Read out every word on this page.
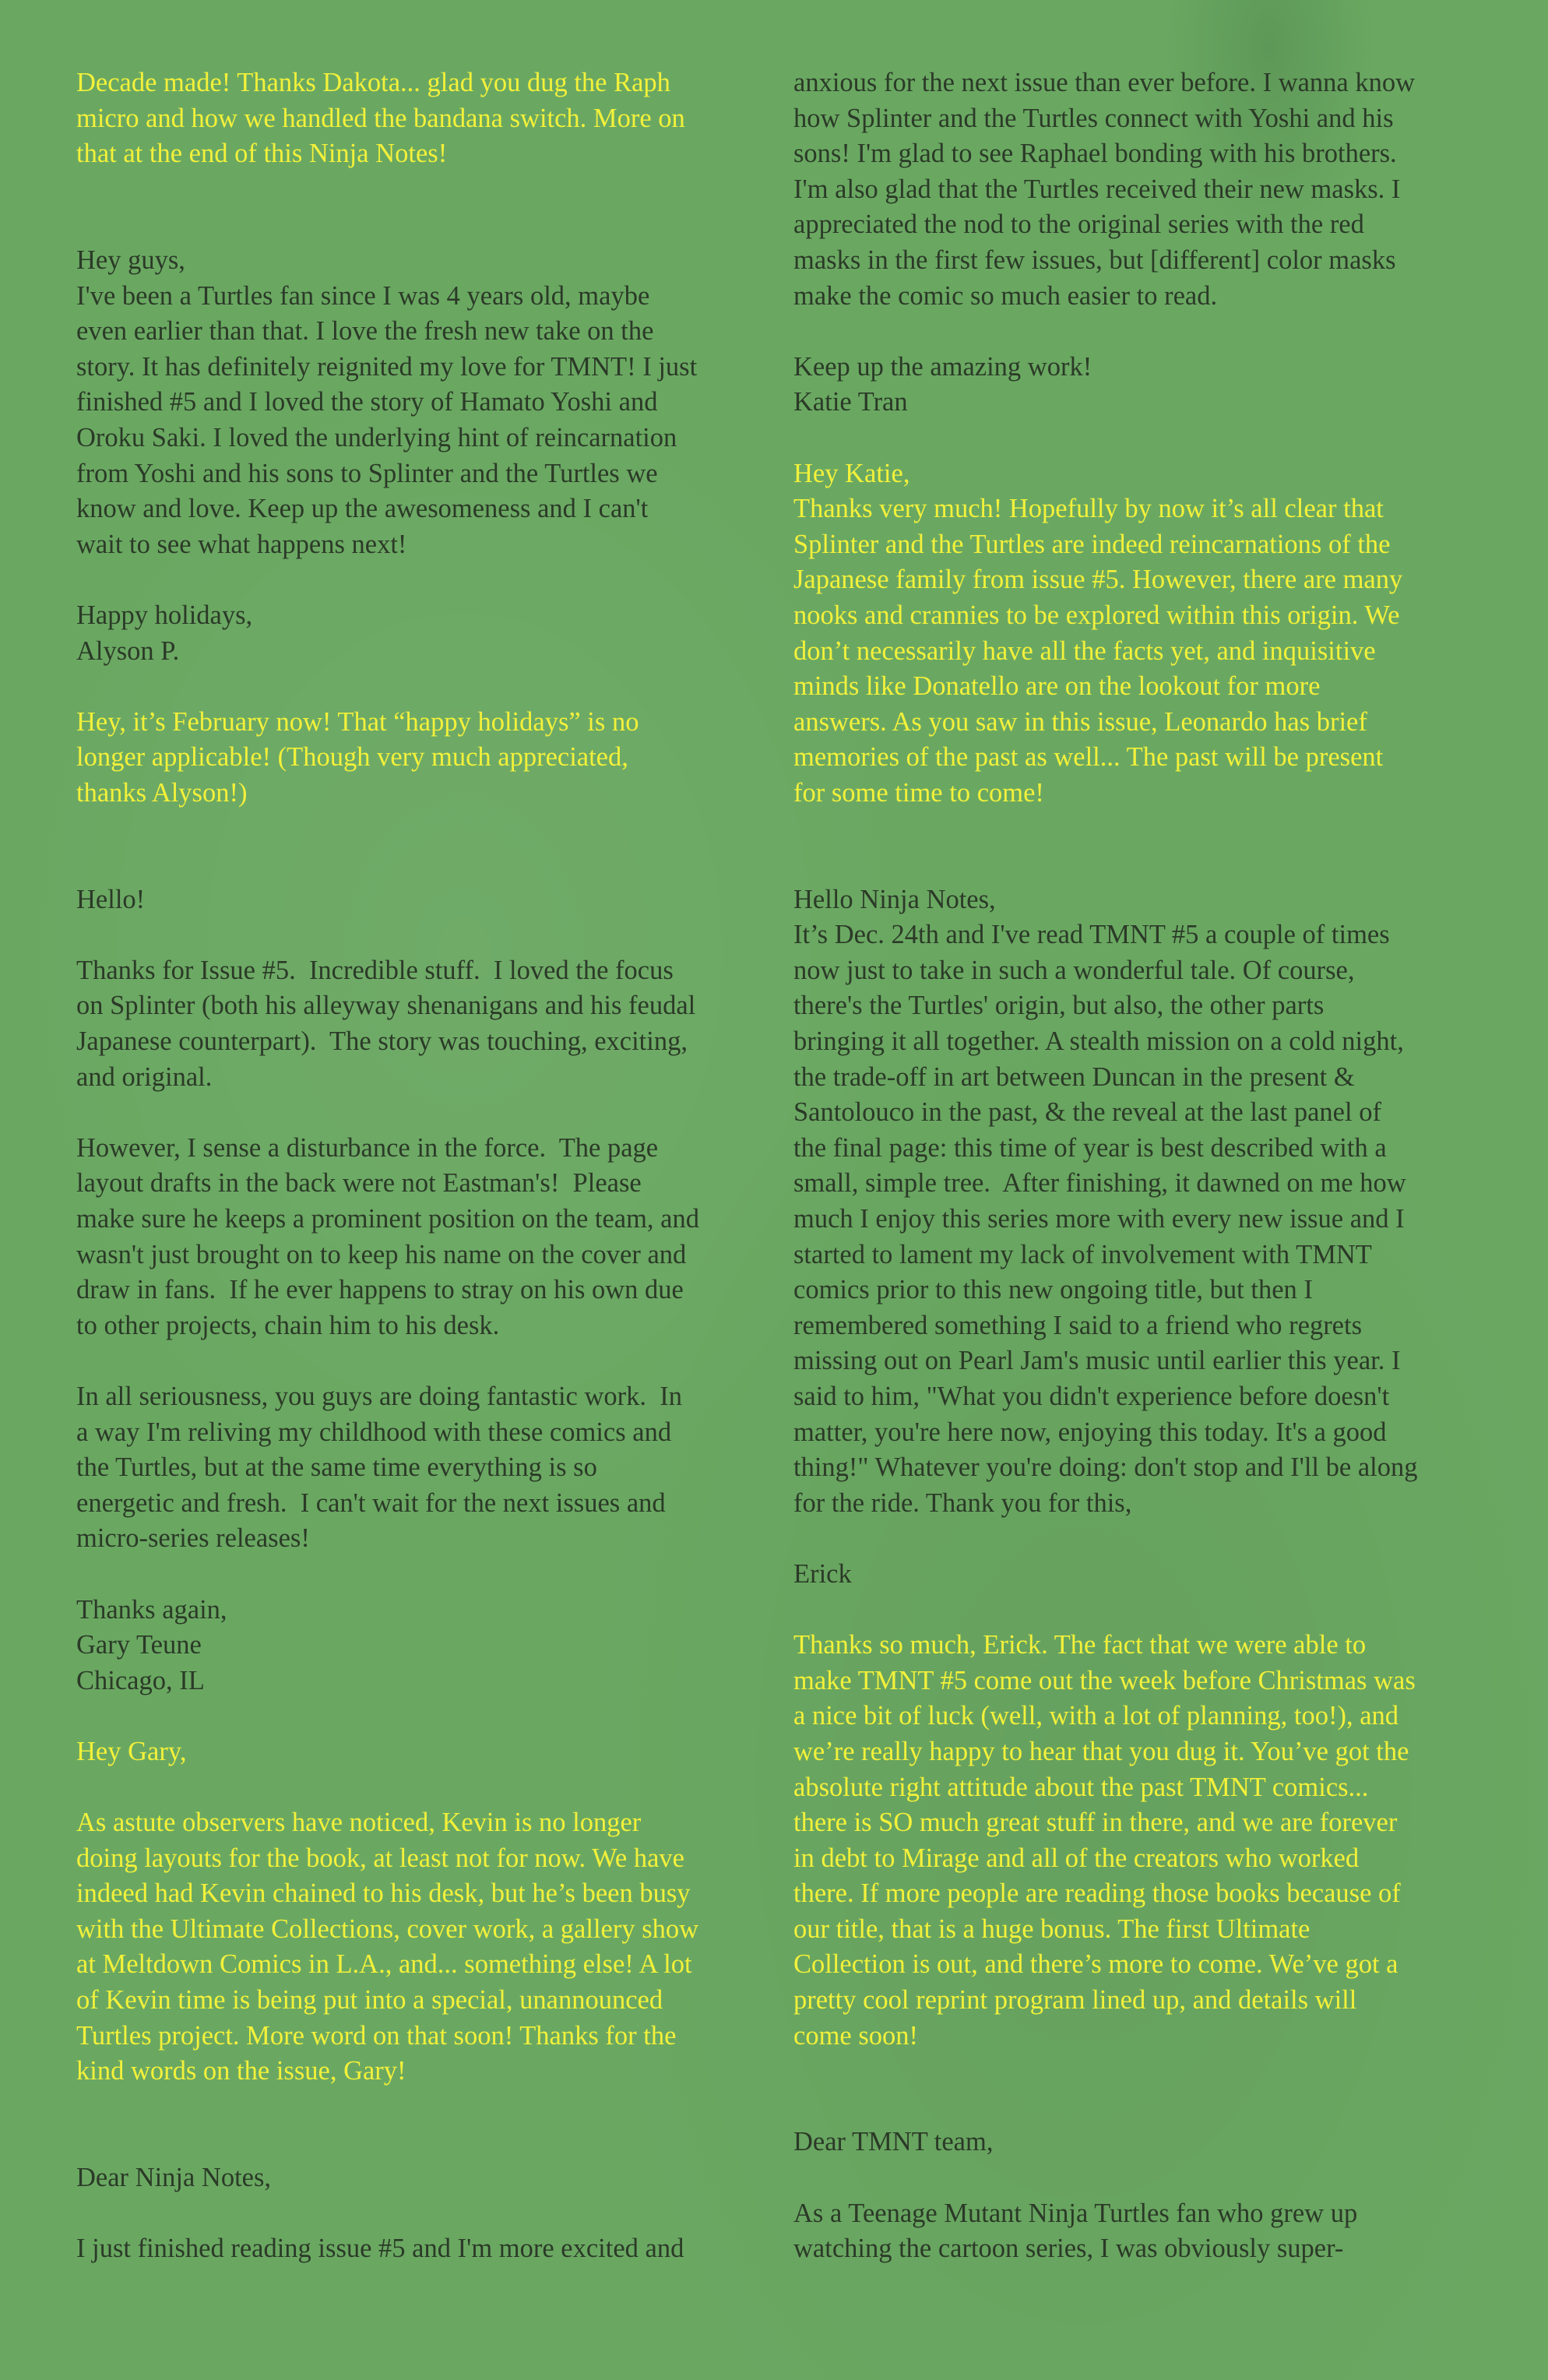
Decade made! Thanks Dakota... glad you dug the Raph
micro and how we handled the bandana switch. More on
that at the end of this Ninja Notes!

Hey guys,
I've been a Turtles fan since I was 4 years old, maybe
even earlier than that. I love the fresh new take on the
story. It has definitely reignited my love for TMNT! I just
finished #5 and I loved the story of Hamato Yoshi and
Oroku Saki. I loved the underlying hint of reincarnation
from Yoshi and his sons to Splinter and the Turtles we
know and love. Keep up the awesomeness and I can't
wait to see what happens next!

Happy holidays,
Alyson P.

Hey, it’s February now! That “happy holidays” is no
longer applicable! (Though very much appreciated,
thanks Alyson!)

Hello!

Thanks for Issue #5.  Incredible stuff.  I loved the focus
on Splinter (both his alleyway shenanigans and his feudal
Japanese counterpart).  The story was touching, exciting,
and original.

However, I sense a disturbance in the force.  The page
layout drafts in the back were not Eastman's!  Please
make sure he keeps a prominent position on the team, and
wasn't just brought on to keep his name on the cover and
draw in fans.  If he ever happens to stray on his own due
to other projects, chain him to his desk.

In all seriousness, you guys are doing fantastic work.  In
a way I'm reliving my childhood with these comics and
the Turtles, but at the same time everything is so
energetic and fresh.  I can't wait for the next issues and
micro-series releases!

Thanks again,
Gary Teune
Chicago, IL

Hey Gary,

As astute observers have noticed, Kevin is no longer
doing layouts for the book, at least not for now. We have
indeed had Kevin chained to his desk, but he’s been busy
with the Ultimate Collections, cover work, a gallery show
at Meltdown Comics in L.A., and... something else! A lot
of Kevin time is being put into a special, unannounced
Turtles project. More word on that soon! Thanks for the
kind words on the issue, Gary!

Dear Ninja Notes,

I just finished reading issue #5 and I'm more excited and

anxious for the next issue than ever before. I wanna know
how Splinter and the Turtles connect with Yoshi and his
sons! I'm glad to see Raphael bonding with his brothers.
I'm also glad that the Turtles received their new masks. I
appreciated the nod to the original series with the red
masks in the first few issues, but [different] color masks
make the comic so much easier to read.

Keep up the amazing work!
Katie Tran

Hey Katie,
Thanks very much! Hopefully by now it’s all clear that
Splinter and the Turtles are indeed reincarnations of the
Japanese family from issue #5. However, there are many
nooks and crannies to be explored within this origin. We
don’t necessarily have all the facts yet, and inquisitive
minds like Donatello are on the lookout for more
answers. As you saw in this issue, Leonardo has brief
memories of the past as well... The past will be present
for some time to come!

Hello Ninja Notes,
It’s Dec. 24th and I've read TMNT #5 a couple of times
now just to take in such a wonderful tale. Of course,
there's the Turtles' origin, but also, the other parts
bringing it all together. A stealth mission on a cold night,
the trade-off in art between Duncan in the present &
Santolouco in the past, & the reveal at the last panel of
the final page: this time of year is best described with a
small, simple tree.  After finishing, it dawned on me how
much I enjoy this series more with every new issue and I
started to lament my lack of involvement with TMNT
comics prior to this new ongoing title, but then I
remembered something I said to a friend who regrets
missing out on Pearl Jam's music until earlier this year. I
said to him, "What you didn't experience before doesn't
matter, you're here now, enjoying this today. It's a good
thing!" Whatever you're doing: don't stop and I'll be along
for the ride. Thank you for this,

Erick

Thanks so much, Erick. The fact that we were able to
make TMNT #5 come out the week before Christmas was
a nice bit of luck (well, with a lot of planning, too!), and
we’re really happy to hear that you dug it. You’ve got the
absolute right attitude about the past TMNT comics...
there is SO much great stuff in there, and we are forever
in debt to Mirage and all of the creators who worked
there. If more people are reading those books because of
our title, that is a huge bonus. The first Ultimate
Collection is out, and there’s more to come. We’ve got a
pretty cool reprint program lined up, and details will
come soon!

Dear TMNT team,

As a Teenage Mutant Ninja Turtles fan who grew up
watching the cartoon series, I was obviously super-
